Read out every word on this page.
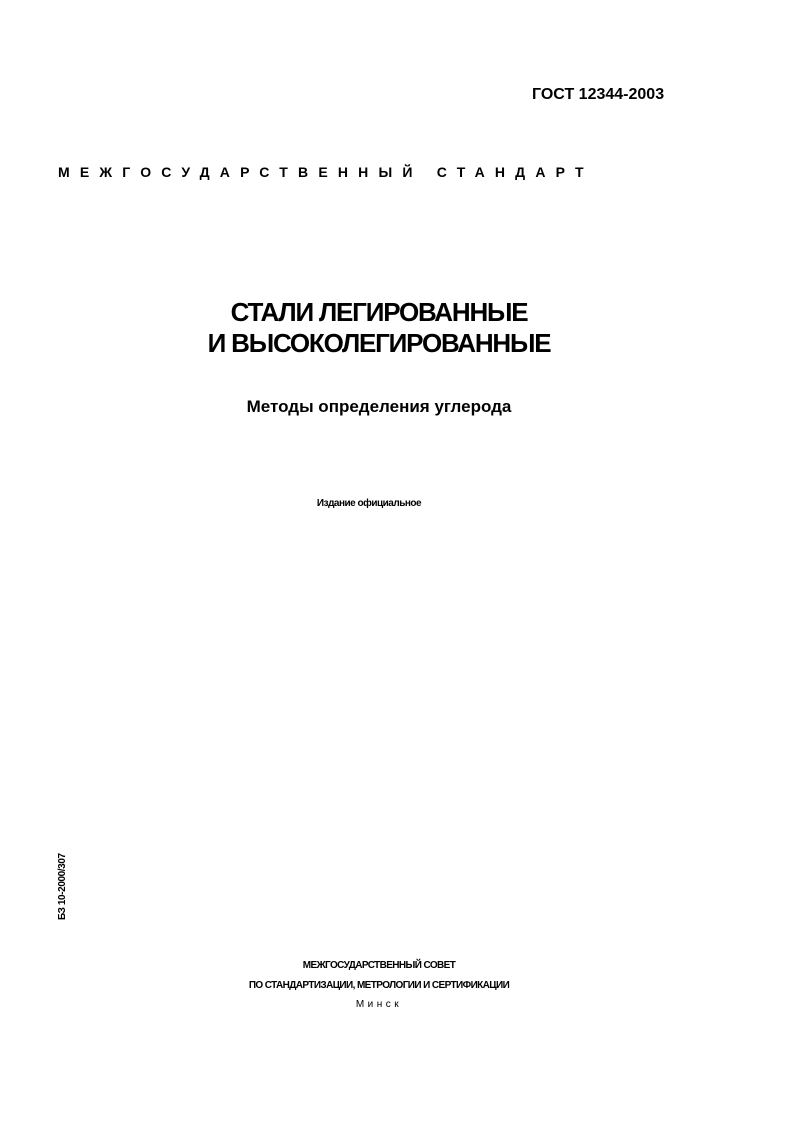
ГОСТ 12344-2003
МЕЖГОСУДАРСТВЕННЫЙ СТАНДАРТ
СТАЛИ ЛЕГИРОВАННЫЕ
И ВЫСОКОЛЕГИРОВАННЫЕ
Методы определения углерода
Издание официальное
БЗ 10-2000/307
МЕЖГОСУДАРСТВЕННЫЙ СОВЕТ
ПО СТАНДАРТИЗАЦИИ, МЕТРОЛОГИИ И СЕРТИФИКАЦИИ
Минск
